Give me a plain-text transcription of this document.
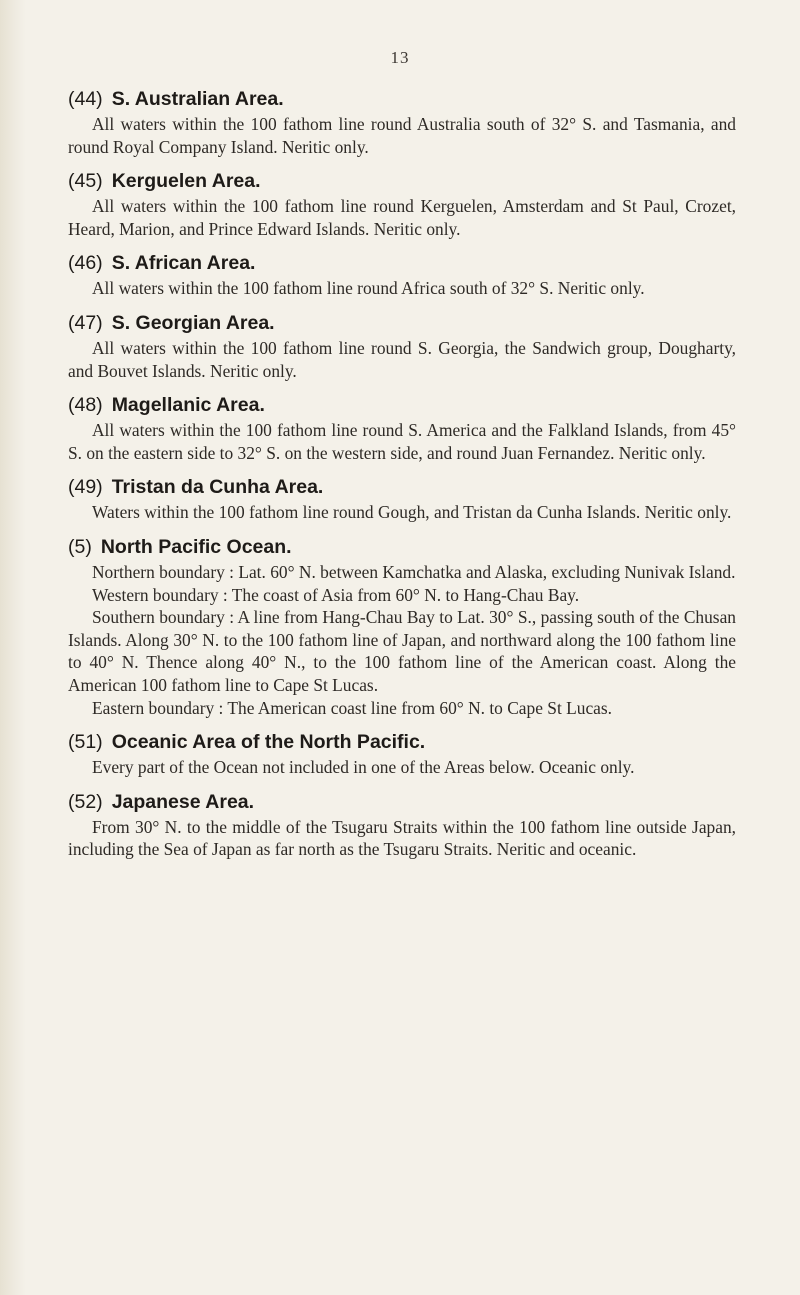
13
(44) S. Australian Area.

All waters within the 100 fathom line round Australia south of 32° S. and Tasmania, and round Royal Company Island. Neritic only.

(45) Kerguelen Area.

All waters within the 100 fathom line round Kerguelen, Amsterdam and St Paul, Crozet, Heard, Marion, and Prince Edward Islands. Neritic only.

(46) S. African Area.

All waters within the 100 fathom line round Africa south of 32° S. Neritic only.

(47) S. Georgian Area.

All waters within the 100 fathom line round S. Georgia, the Sandwich group, Dougharty, and Bouvet Islands. Neritic only.

(48) Magellanic Area.

All waters within the 100 fathom line round S. America and the Falkland Islands, from 45° S. on the eastern side to 32° S. on the western side, and round Juan Fernandez. Neritic only.

(49) Tristan da Cunha Area.

Waters within the 100 fathom line round Gough, and Tristan da Cunha Islands. Neritic only.

(5) North Pacific Ocean.

Northern boundary : Lat. 60° N. between Kamchatka and Alaska, excluding Nunivak Island.

Western boundary : The coast of Asia from 60° N. to Hang-Chau Bay.

Southern boundary : A line from Hang-Chau Bay to Lat. 30° S., passing south of the Chusan Islands. Along 30° N. to the 100 fathom line of Japan, and northward along the 100 fathom line to 40° N. Thence along 40° N., to the 100 fathom line of the American coast. Along the American 100 fathom line to Cape St Lucas.

Eastern boundary : The American coast line from 60° N. to Cape St Lucas.

(51) Oceanic Area of the North Pacific.

Every part of the Ocean not included in one of the Areas below. Oceanic only.

(52) Japanese Area.

From 30° N. to the middle of the Tsugaru Straits within the 100 fathom line outside Japan, including the Sea of Japan as far north as the Tsugaru Straits. Neritic and oceanic.
